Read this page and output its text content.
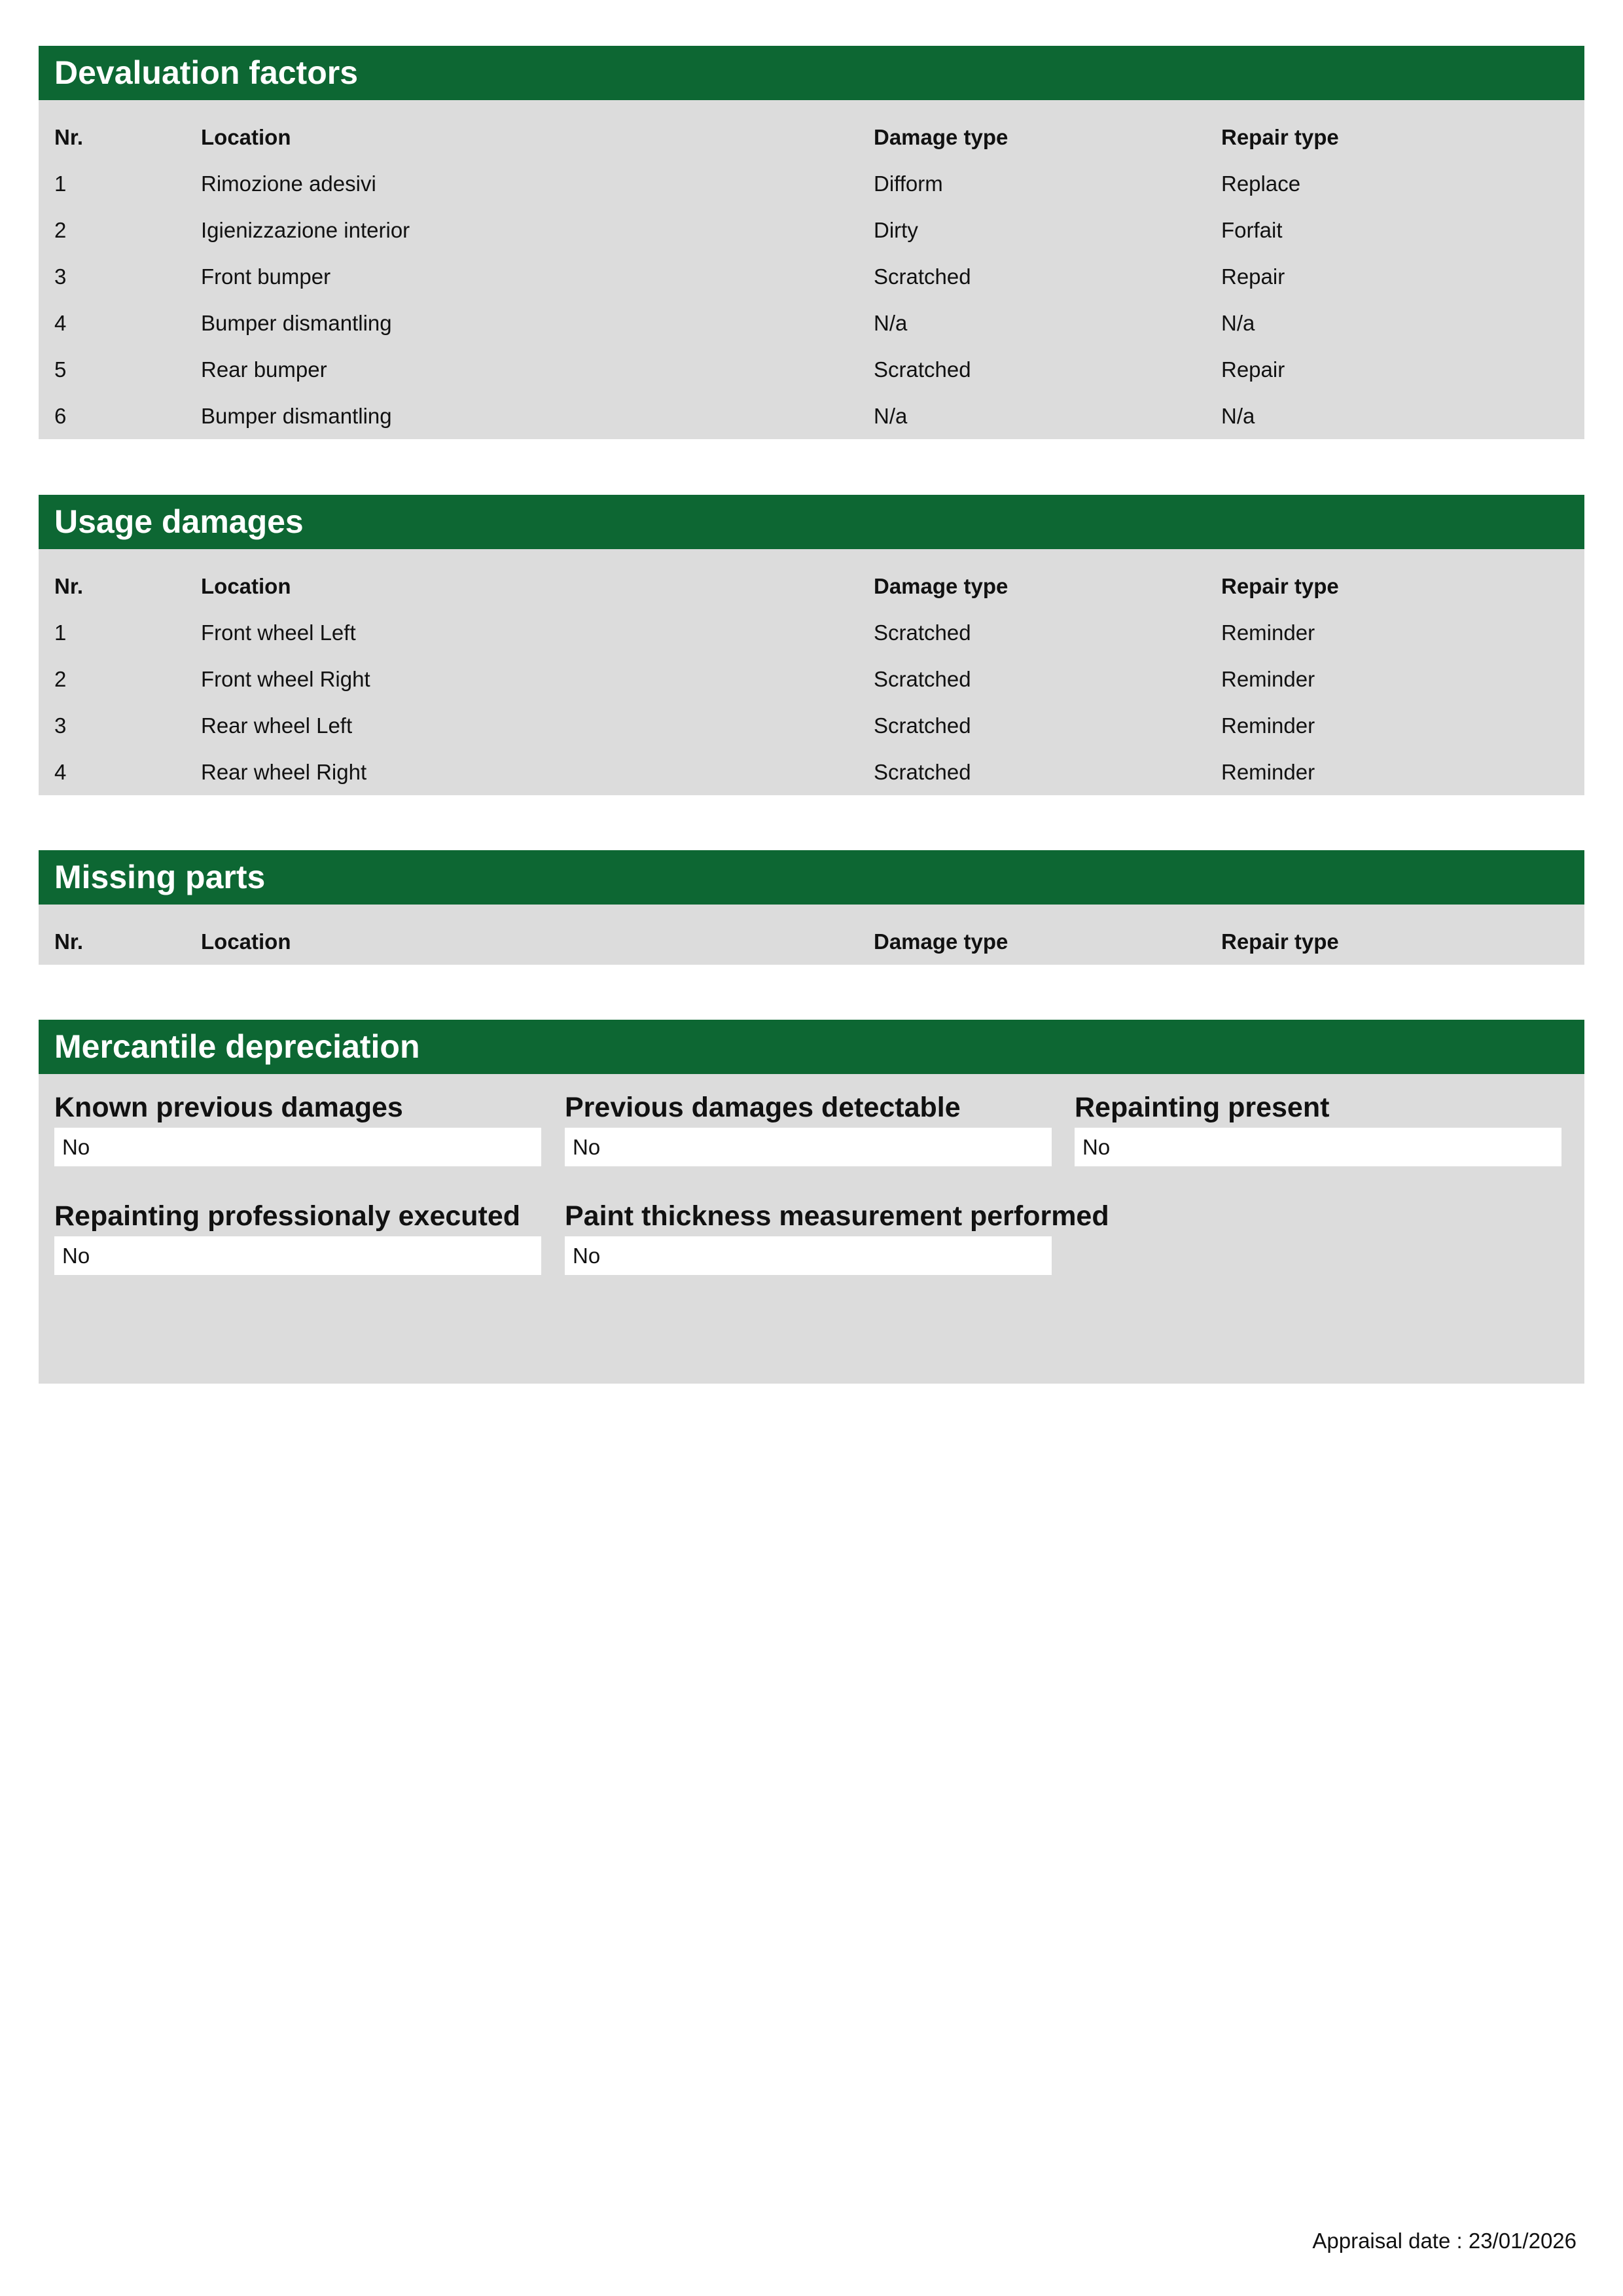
Devaluation factors
Nr.	Location	Damage type	Repair type
1	Rimozione adesivi	Difform	Replace
2	Igienizzazione interior	Dirty	Forfait
3	Front bumper	Scratched	Repair
4	Bumper dismantling	N/a	N/a
5	Rear bumper	Scratched	Repair
6	Bumper dismantling	N/a	N/a
Usage damages
Nr.	Location	Damage type	Repair type
1	Front wheel Left	Scratched	Reminder
2	Front wheel Right	Scratched	Reminder
3	Rear wheel Left	Scratched	Reminder
4	Rear wheel Right	Scratched	Reminder
Missing parts
Nr.	Location	Damage type	Repair type
Mercantile depreciation
Known previous damages
No
Previous damages detectable
No
Repainting present
No
Repainting professionaly executed
No
Paint thickness measurement performed
No
Appraisal date : 23/01/2026
